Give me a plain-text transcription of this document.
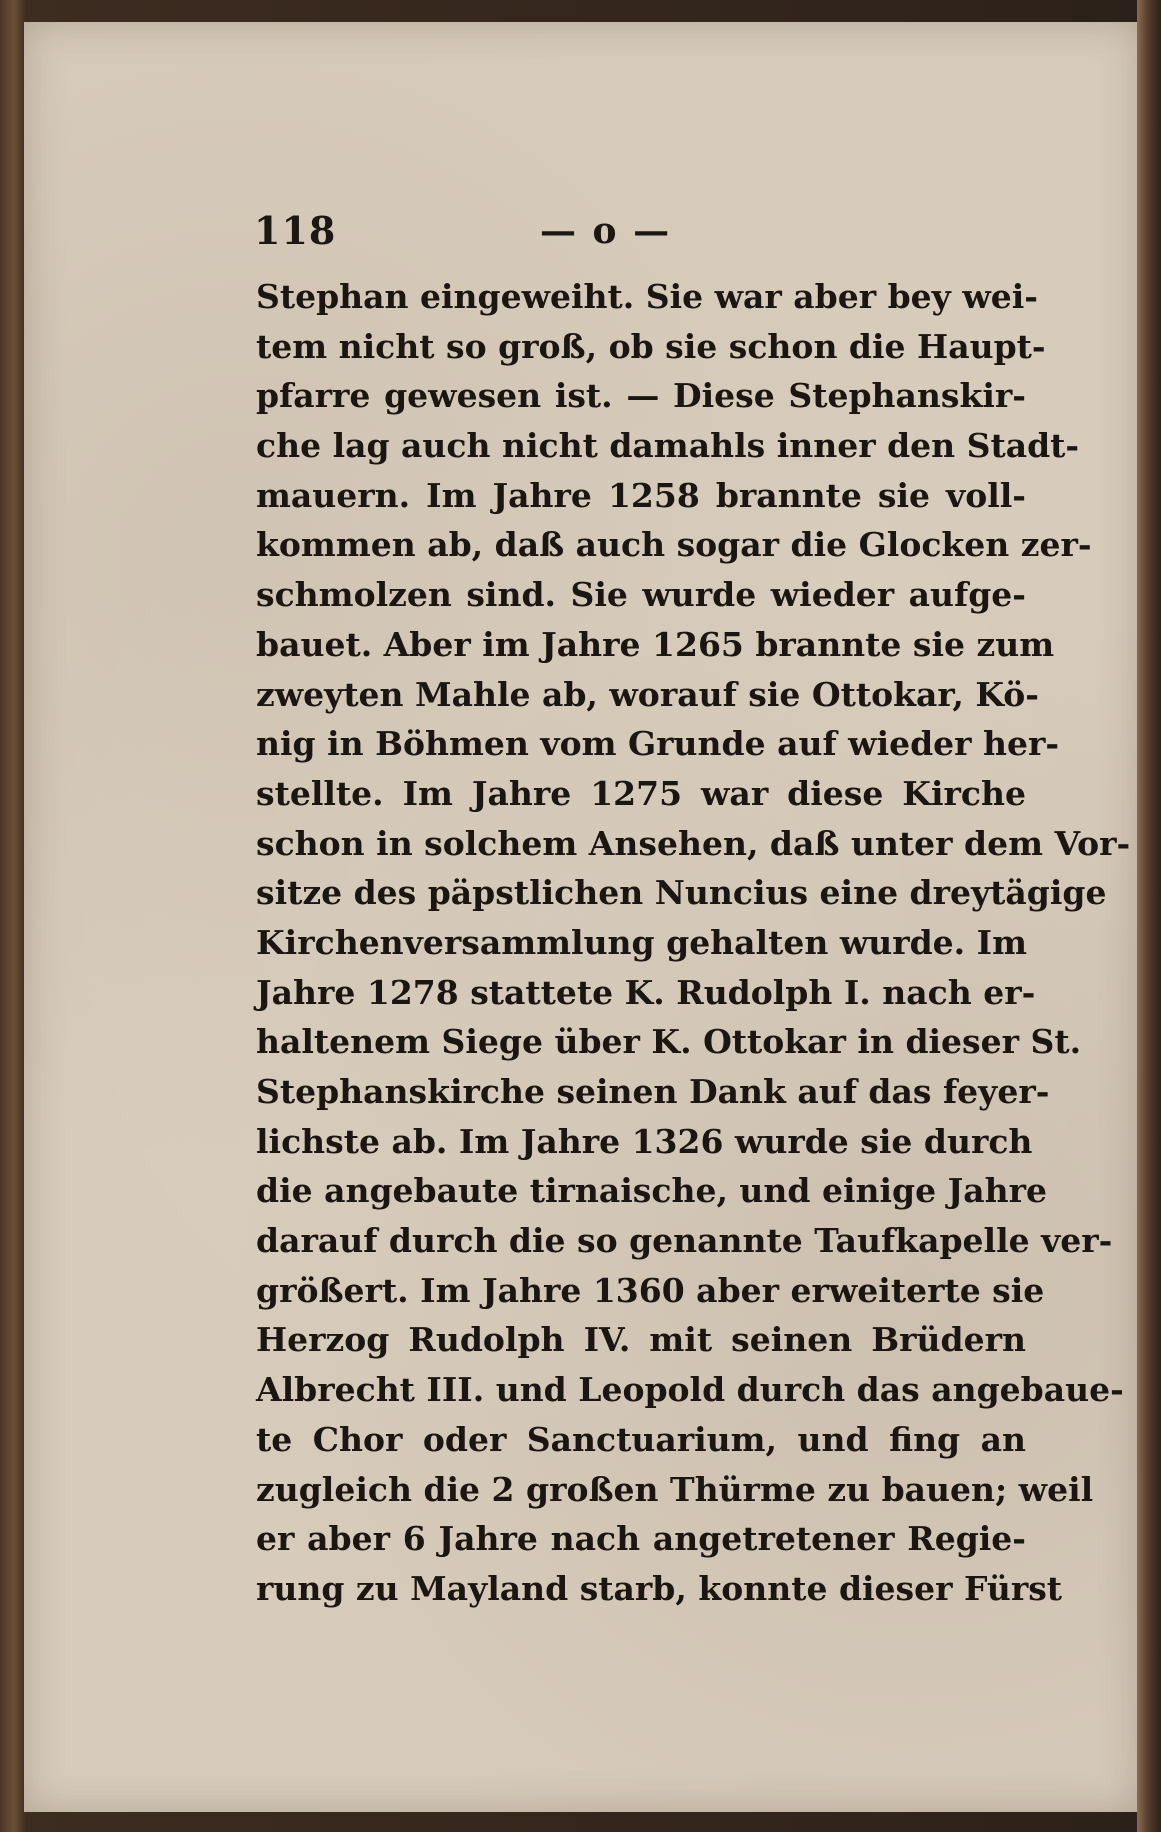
118	— o —
Stephan eingeweiht. Sie war aber bey wei-
tem nicht so groß, ob sie schon die Haupt-
pfarre gewesen ist. — Diese Stephanskir-
che lag auch nicht damahls inner den Stadt-
mauern. Im Jahre 1258 brannte sie voll-
kommen ab, daß auch sogar die Glocken zer-
schmolzen sind. Sie wurde wieder aufge-
bauet. Aber im Jahre 1265 brannte sie zum
zweyten Mahle ab, worauf sie Ottokar, Kö-
nig in Böhmen vom Grunde auf wieder her-
stellte. Im Jahre 1275 war diese Kirche
schon in solchem Ansehen, daß unter dem Vor-
sitze des päpstlichen Nuncius eine dreytägige
Kirchenversammlung gehalten wurde. Im
Jahre 1278 stattete K. Rudolph I. nach er-
haltenem Siege über K. Ottokar in dieser St.
Stephanskirche seinen Dank auf das feyer-
lichste ab. Im Jahre 1326 wurde sie durch
die angebaute tirnaische, und einige Jahre
darauf durch die so genannte Taufkapelle ver-
größert. Im Jahre 1360 aber erweiterte sie
Herzog Rudolph IV. mit seinen Brüdern
Albrecht III. und Leopold durch das angebaue-
te Chor oder Sanctuarium, und fing an
zugleich die 2 großen Thürme zu bauen; weil
er aber 6 Jahre nach angetretener Regie-
rung zu Mayland starb, konnte dieser Fürst
